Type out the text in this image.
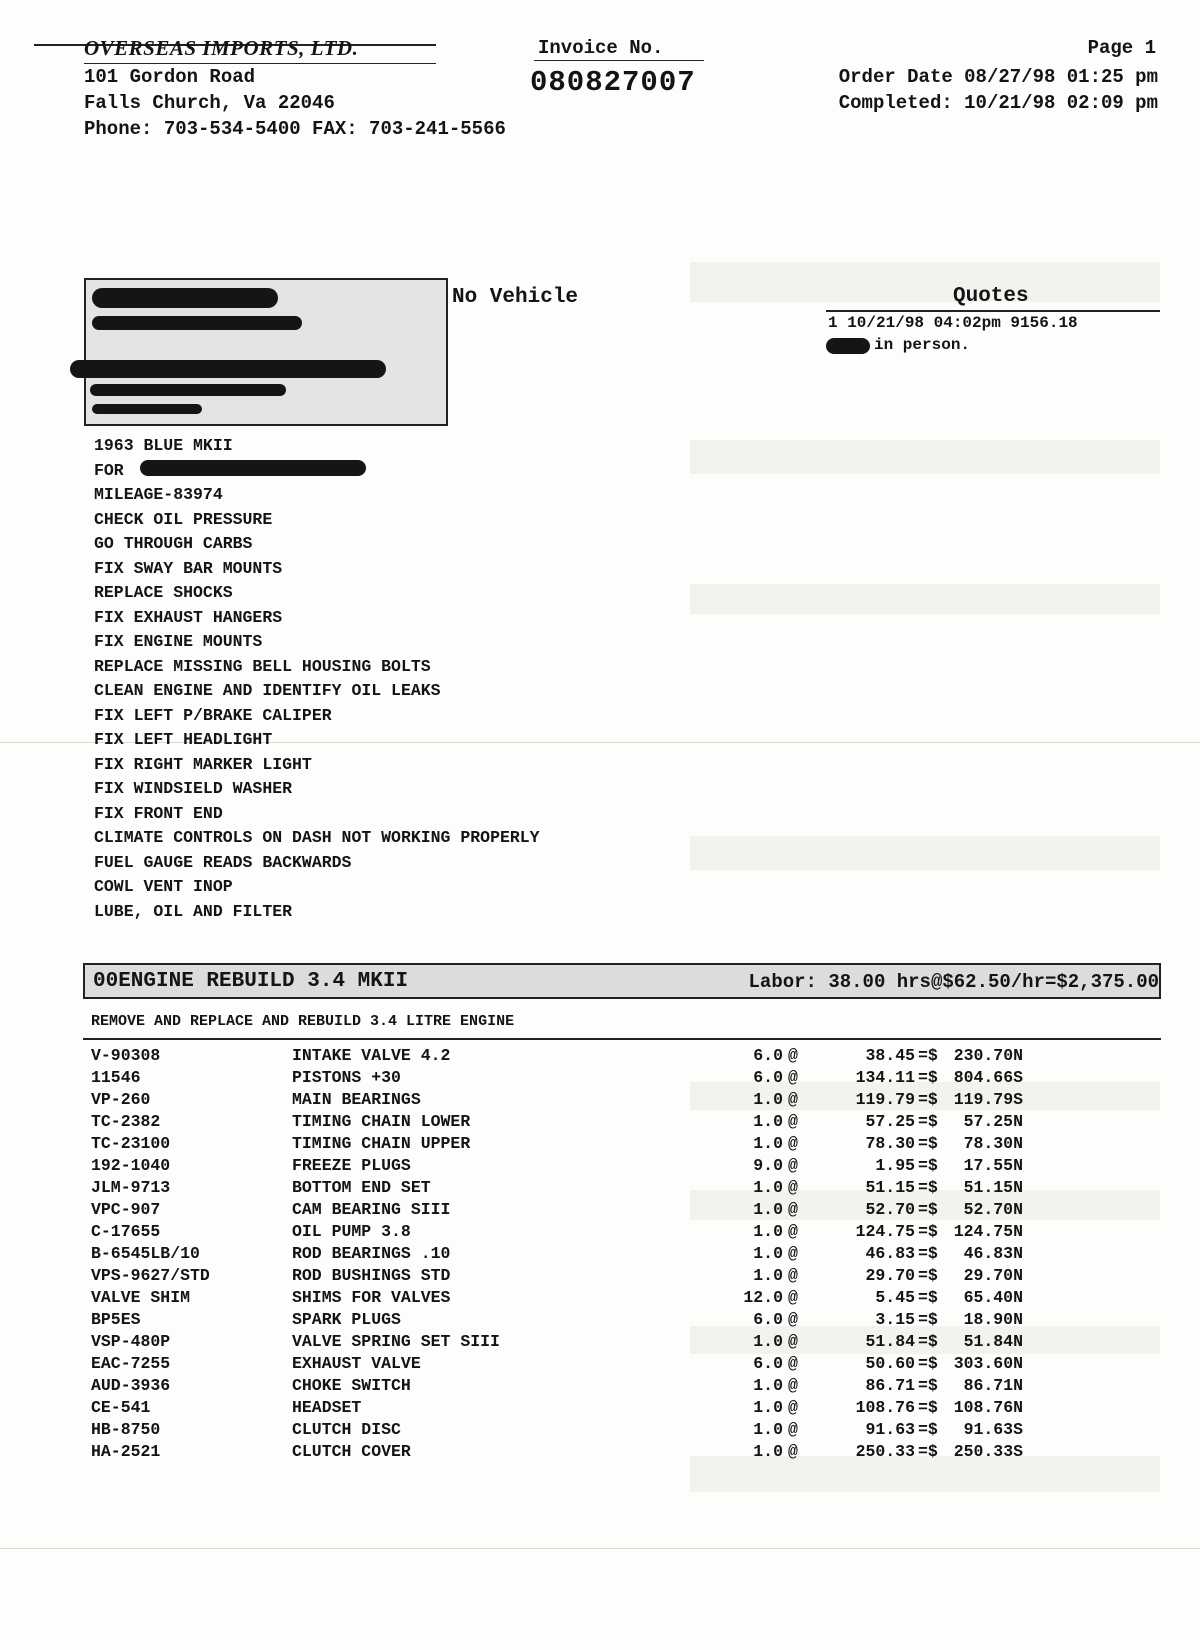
OVERSEAS IMPORTS, LTD.
101 Gordon Road
Falls Church, Va 22046
Phone: 703-534-5400 FAX: 703-241-5566
Invoice No.
080827007
Page 1
Order Date 08/27/98 01:25 pm
Completed: 10/21/98 02:09 pm
No Vehicle	Quotes
1 10/21/98 04:02pm 9156.18
in person.
1963 BLUE MKII
FOR
MILEAGE-83974
CHECK OIL PRESSURE
GO THROUGH CARBS
FIX SWAY BAR MOUNTS
REPLACE SHOCKS
FIX EXHAUST HANGERS
FIX ENGINE MOUNTS
REPLACE MISSING BELL HOUSING BOLTS
CLEAN ENGINE AND IDENTIFY OIL LEAKS
FIX LEFT P/BRAKE CALIPER
FIX LEFT HEADLIGHT
FIX RIGHT MARKER LIGHT
FIX WINDSIELD WASHER
FIX FRONT END
CLIMATE CONTROLS ON DASH NOT WORKING PROPERLY
FUEL GAUGE READS BACKWARDS
COWL VENT INOP
LUBE, OIL AND FILTER
00ENGINE REBUILD 3.4 MKII	Labor: 38.00 hrs@$62.50/hr=$2,375.00
REMOVE AND REPLACE AND REBUILD 3.4 LITRE ENGINE
V-90308	INTAKE VALVE 4.2	6.0 @	38.45 =$ 230.70N
11546	PISTONS +30	6.0 @	134.11 =$ 804.66S
VP-260	MAIN BEARINGS	1.0 @	119.79 =$ 119.79S
TC-2382	TIMING CHAIN LOWER	1.0 @	57.25 =$ 57.25N
TC-23100	TIMING CHAIN UPPER	1.0 @	78.30 =$ 78.30N
192-1040	FREEZE PLUGS	9.0 @	1.95 =$ 17.55N
JLM-9713	BOTTOM END SET	1.0 @	51.15 =$ 51.15N
VPC-907	CAM BEARING SIII	1.0 @	52.70 =$ 52.70N
C-17655	OIL PUMP 3.8	1.0 @	124.75 =$ 124.75N
B-6545LB/10	ROD BEARINGS .10	1.0 @	46.83 =$ 46.83N
VPS-9627/STD	ROD BUSHINGS STD	1.0 @	29.70 =$ 29.70N
VALVE SHIM	SHIMS FOR VALVES	12.0 @	5.45 =$ 65.40N
BP5ES	SPARK PLUGS	6.0 @	3.15 =$ 18.90N
VSP-480P	VALVE SPRING SET SIII	1.0 @	51.84 =$ 51.84N
EAC-7255	EXHAUST VALVE	6.0 @	50.60 =$ 303.60N
AUD-3936	CHOKE SWITCH	1.0 @	86.71 =$ 86.71N
CE-541	HEADSET	1.0 @	108.76 =$ 108.76N
HB-8750	CLUTCH DISC	1.0 @	91.63 =$ 91.63S
HA-2521	CLUTCH COVER	1.0 @	250.33 =$ 250.33S
